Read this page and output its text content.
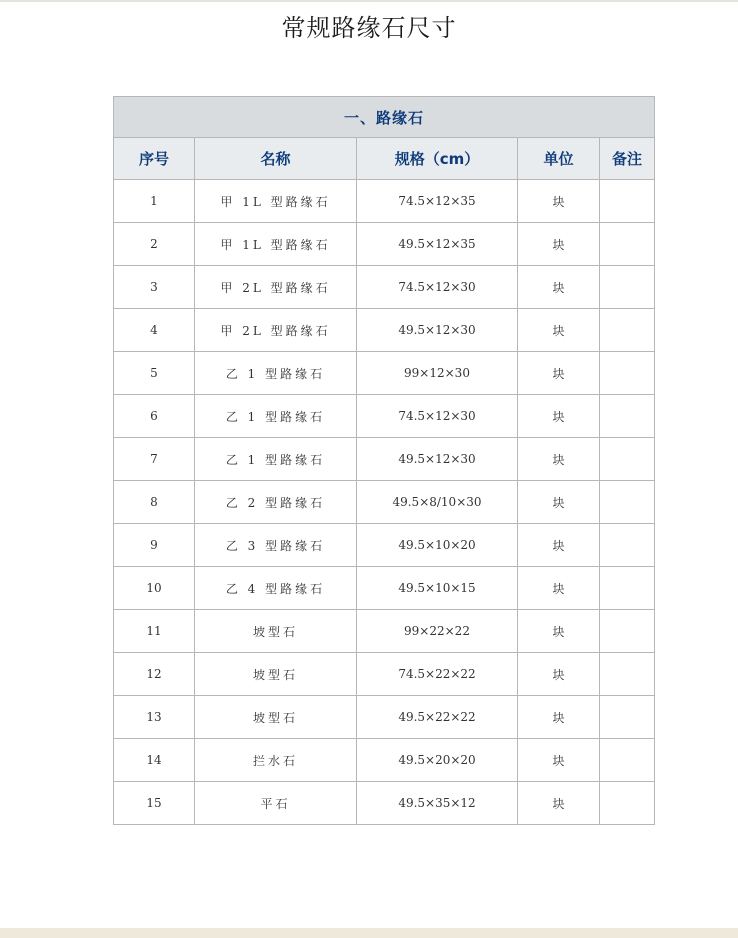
常规路缘石尺寸
一、路缘石				
序号	名称	规格（cm）	单位	备注
1	甲 1L 型路缘石	74.5×12×35	块	
2	甲 1L 型路缘石	49.5×12×35	块	
3	甲 2L 型路缘石	74.5×12×30	块	
4	甲 2L 型路缘石	49.5×12×30	块	
5	乙 1 型路缘石	99×12×30	块	
6	乙 1 型路缘石	74.5×12×30	块	
7	乙 1 型路缘石	49.5×12×30	块	
8	乙 2 型路缘石	49.5×8/10×30	块	
9	乙 3 型路缘石	49.5×10×20	块	
10	乙 4 型路缘石	49.5×10×15	块	
11	坡型石	99×22×22	块	
12	坡型石	74.5×22×22	块	
13	坡型石	49.5×22×22	块	
14	拦水石	49.5×20×20	块	
15	平石	49.5×35×12	块	
